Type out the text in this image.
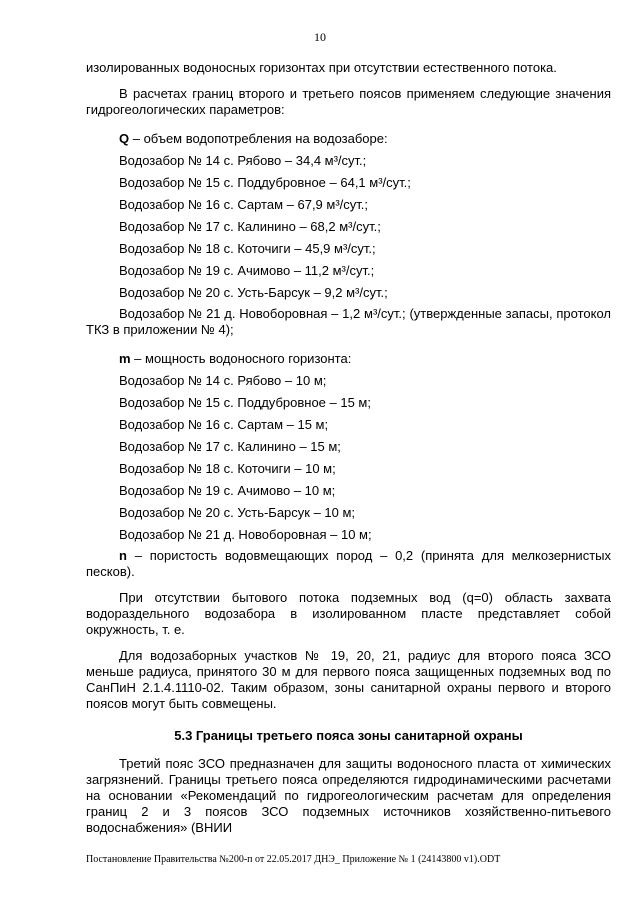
10

изолированных водоносных горизонтах при отсутствии естественного потока.

В расчетах границ второго и третьего поясов применяем следующие значения гидрогеологических параметров:

Q – объем водопотребления на водозаборе:

Водозабор № 14 с. Рябово – 34,4 м³/сут.;

Водозабор № 15 с. Поддубровное – 64,1 м³/сут.;

Водозабор № 16 с. Сартам – 67,9 м³/сут.;

Водозабор № 17 с. Калинино – 68,2 м³/сут.;

Водозабор № 18 с. Коточиги – 45,9 м³/сут.;

Водозабор № 19 с. Ачимово – 11,2 м³/сут.;

Водозабор № 20 с. Усть-Барсук – 9,2 м³/сут.;

Водозабор № 21 д. Новоборовная – 1,2 м³/сут.; (утвержденные запасы, протокол ТКЗ в приложении № 4);

m – мощность водоносного горизонта:

Водозабор № 14 с. Рябово – 10 м;

Водозабор № 15 с. Поддубровное – 15 м;

Водозабор № 16 с. Сартам – 15 м;

Водозабор № 17 с. Калинино – 15 м;

Водозабор № 18 с. Коточиги – 10 м;

Водозабор № 19 с. Ачимово – 10 м;

Водозабор № 20 с. Усть-Барсук – 10 м;

Водозабор № 21 д. Новоборовная – 10 м;

n – пористость водовмещающих пород – 0,2 (принята для мелкозернистых песков).

При отсутствии бытового потока подземных вод (q=0) область захвата водораздельного водозабора в изолированном пласте представляет собой окружность, т. е.

Для водозаборных участков № 19, 20, 21, радиус для второго пояса ЗСО меньше радиуса, принятого 30 м для первого пояса защищенных подземных вод по СанПиН 2.1.4.1110-02. Таким образом, зоны санитарной охраны первого и второго поясов могут быть совмещены.

5.3 Границы третьего пояса зоны санитарной охраны

Третий пояс ЗСО предназначен для защиты водоносного пласта от химических загрязнений. Границы третьего пояса определяются гидродинамическими расчетами на основании «Рекомендаций по гидрогеологическим расчетам для определения границ 2 и 3 поясов ЗСО подземных источников хозяйственно-питьевого водоснабжения» (ВНИИ

Постановление Правительства №200-п от 22.05.2017 ДНЭ_ Приложение № 1 (24143800 v1).ODT
